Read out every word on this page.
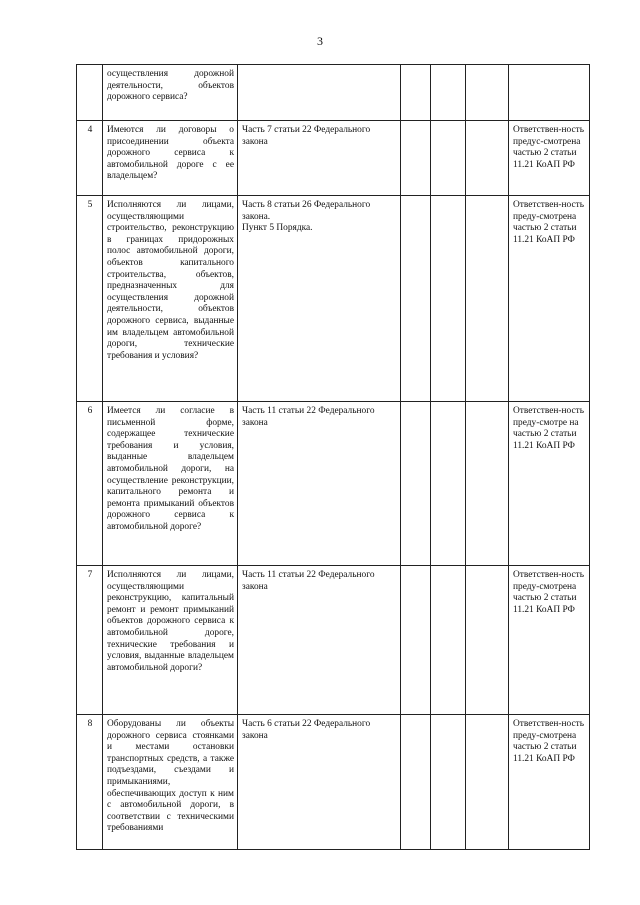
3
	осуществления дорожной деятельности, объектов дорожного сервиса?					
4	Имеются ли договоры о присоединении объекта дорожного сервиса к автомобильной дороге с ее владельцем?	Часть 7 статьи 22 Федерального закона				Ответствен-ность предус-смотрена частью 2 статьи 11.21 КоАП РФ
5	Исполняются ли лицами, осуществляющими строительство, реконструкцию в границах придорожных полос автомобильной дороги, объектов капитального строительства, объектов, предназначенных для осуществления дорожной деятельности, объектов дорожного сервиса, выданные им владельцем автомобильной дороги, технические требования и условия?	Часть 8 статьи 26 Федерального закона.
Пункт 5 Порядка.				Ответствен-ность преду-смотрена частью 2 статьи 11.21 КоАП РФ
6	Имеется ли согласие в письменной форме, содержащее технические требования и условия, выданные владельцем автомобильной дороги, на осуществление реконструкции, капитального ремонта и ремонта примыканий объектов дорожного сервиса к автомобильной дороге?	Часть 11 статьи 22 Федерального закона				Ответствен-ность преду-смотре на частью 2 статьи 11.21 КоАП РФ
7	Исполняются ли лицами, осуществляющими реконструкцию, капитальный ремонт и ремонт примыканий объектов дорожного сервиса к автомобильной дороге, технические требования и условия, выданные владельцем автомобильной дороги?	Часть 11 статьи 22 Федерального закона				Ответствен-ность преду-смотрена частью 2 статьи 11.21 КоАП РФ
8	Оборудованы ли объекты дорожного сервиса стоянками и местами остановки транспортных средств, а также подъездами, съездами и примыканиями, обеспечивающих доступ к ним с автомобильной дороги, в соответствии с техническими требованиями	Часть 6 статьи 22 Федерального закона				Ответствен-ность преду-смотрена частью 2 статьи 11.21 КоАП РФ
